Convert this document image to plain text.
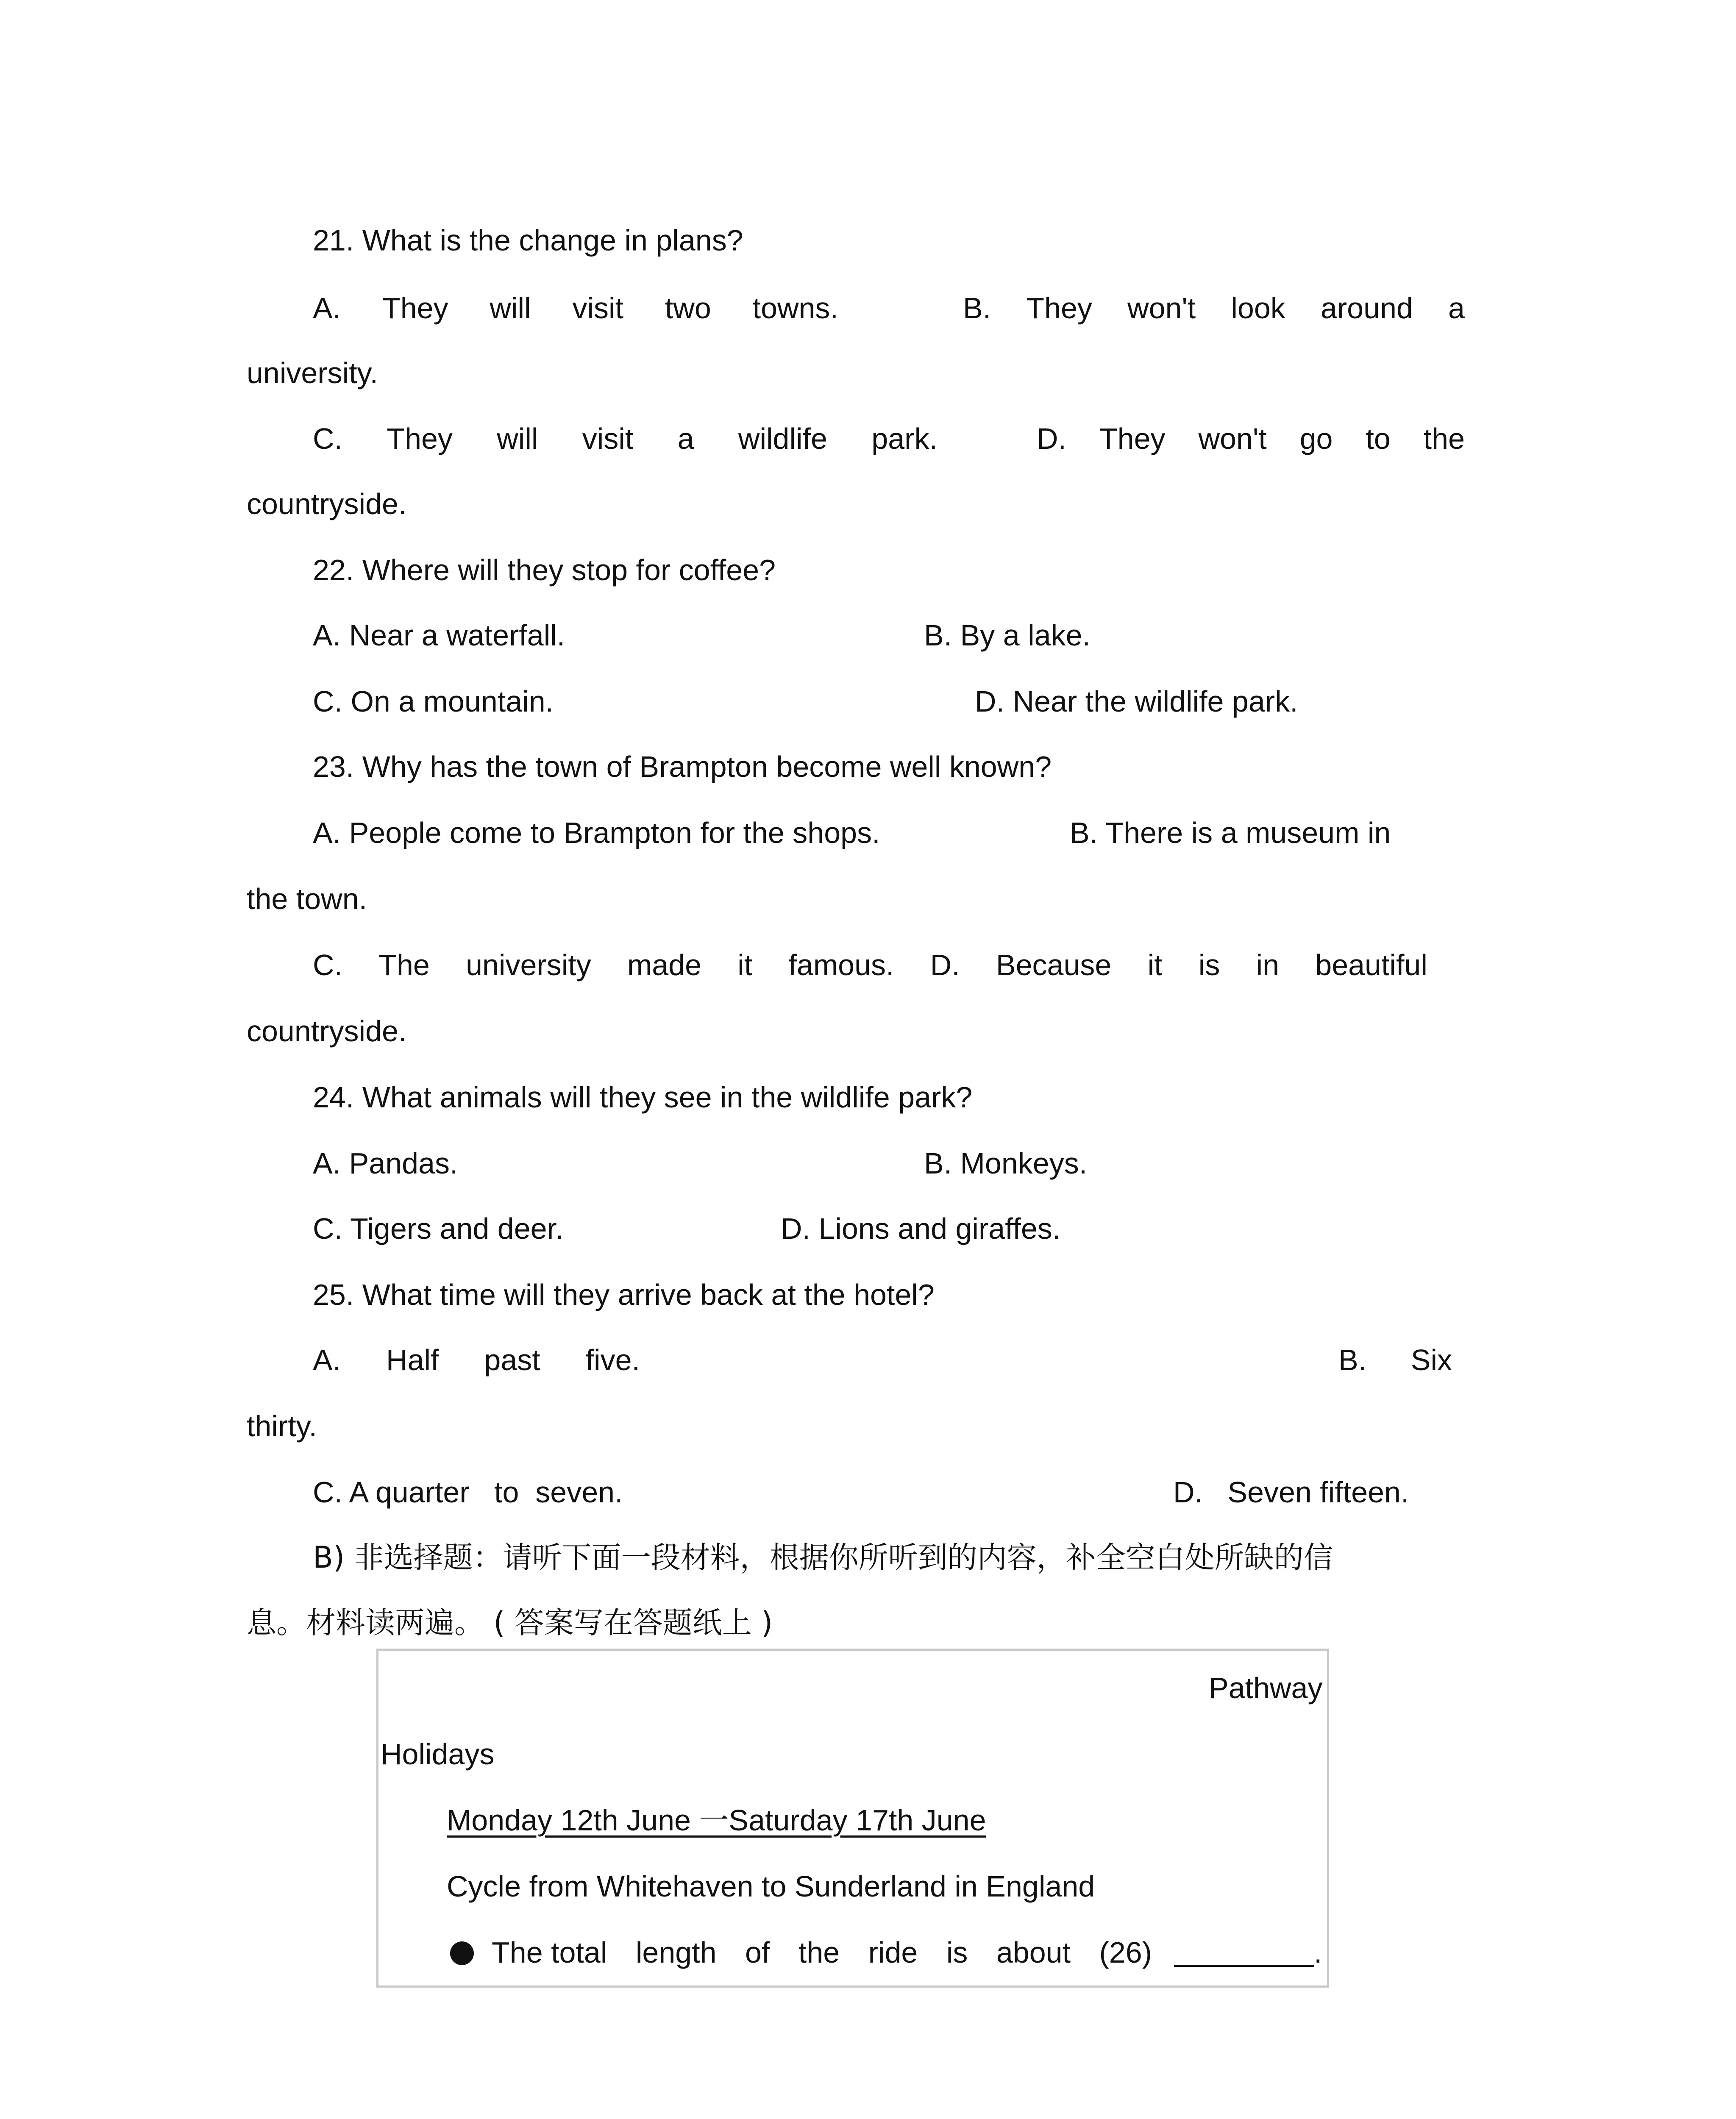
21. What is the change in plans?
A. They will visit two towns.	B. They won't look around a
university.
C. They will visit a wildlife park.	D. They won't go to the
countryside.
22. Where will they stop for coffee?
A. Near a waterfall.	B. By a lake.
C. On a mountain.	D. Near the wildlife park.
23. Why has the town of Brampton become well known?
A. People come to Brampton for the shops.	B. There is a museum in
the town.
C. The university made it famous. D. Because it is in beautiful
countryside.
24. What animals will they see in the wildlife park?
A. Pandas.	B. Monkeys.
C. Tigers and deer.	D. Lions and giraffes.
25. What time will they arrive back at the hotel?
A. Half past five.	B. Six
thirty.
C. A quarter   to  seven.	D.   Seven fifteen.
B) 非选择题：请听下面一段材料，根据你所听到的内容，补全空白处所缺的信
息。材料读两遍。 ( 答案写在答题纸上 )
Pathway
Holidays
Monday 12th June 一Saturday 17th June
Cycle from Whitehaven to Sunderland in England
The total length of the ride is about (26)	.
